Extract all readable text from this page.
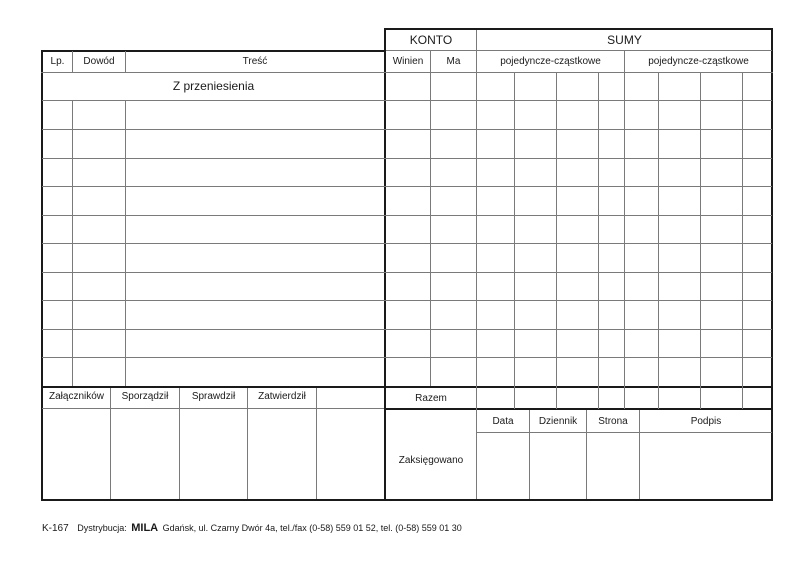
KONTO	SUMY
Lp.	Dowód	Treść	Winien	Ma	pojedyncze-cząstkowe	pojedyncze-cząstkowe
Z przeniesienia
Załączników	Sporządził	Sprawdził	Zatwierdził	Razem
Data	Dziennik	Strona	Podpis
Zaksięgowano
K-167 Dystrybucja: MILA Gdańsk, ul. Czarny Dwór 4a, tel./fax (0-58) 559 01 52, tel. (0-58) 559 01 30
